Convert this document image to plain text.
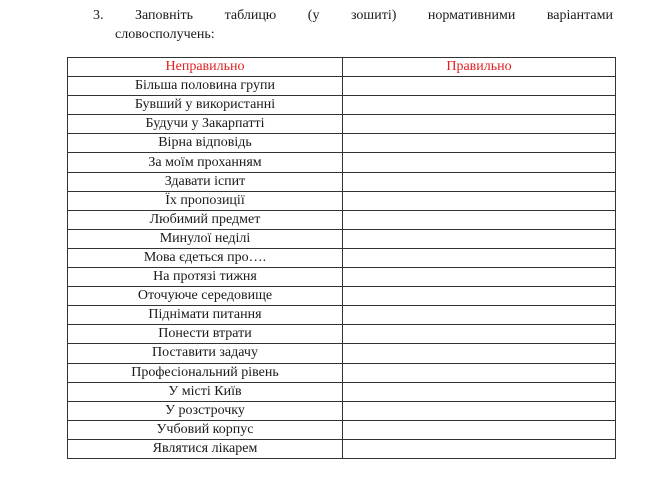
3. Заповніть таблицю (у зошиті) нормативними варіантами
словосполучень:
Неправильно	Правильно
Більша половина групи	
Бувший у використанні	
Будучи у Закарпатті	
Вірна відповідь	
За моїм проханням	
Здавати іспит	
Їх пропозиції	
Любимий предмет	
Минулої неділі	
Мова єдеться про….	
На протязі тижня	
Оточуюче середовище	
Піднімати питання	
Понести втрати	
Поставити задачу	
Професіональний рівень	
У місті Київ	
У розстрочку	
Учбовий корпус	
Являтися лікарем	
